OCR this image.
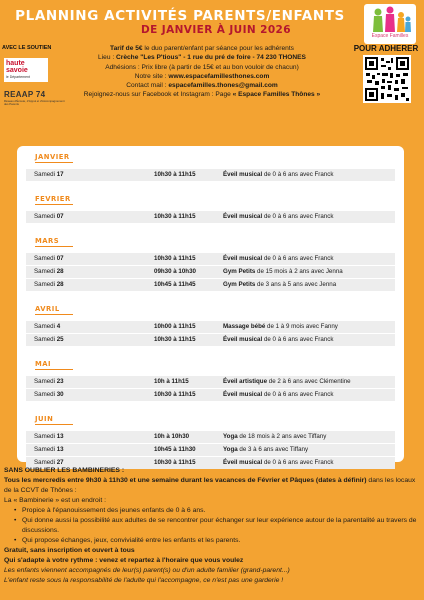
PLANNING ACTIVITÉS PARENTS/ENFANTS
DE JANVIER À JUIN 2026	Espace Familles
POUR ADHERER
AVEC LE SOUTIEN
haute
savoie
le Département
REAAP 74
Réseau d'Écoute, d'Appui et d'Accompagnement des Parents
Tarif de 5€ le duo parent/enfant par séance pour les adhérents
Lieu : Crèche "Les P'tious" - 1 rue du pré de foire - 74 230 THONES
Adhésions : Prix libre (à partir de 15€ et au bon vouloir de chacun)
Notre site : www.espacefamillesthones.com
Contact mail : espacefamilles.thones@gmail.com
Rejoignez-nous sur Facebook et Instagram : Page « Espace Familles Thônes »
JANVIER
Samedi 17	10h30 à 11h15	Éveil musical de 0 à 6 ans avec Franck
FEVRIER
Samedi 07	10h30 à 11h15	Éveil musical de 0 à 6 ans avec Franck
MARS
Samedi 07	10h30 à 11h15	Éveil musical de 0 à 6 ans avec Franck
Samedi 28	09h30 à 10h30	Gym Petits de 15 mois à 2 ans avec Jenna
Samedi 28	10h45 à 11h45	Gym Petits de 3 ans à 5 ans avec Jenna
AVRIL
Samedi 4	10h00 à 11h15	Massage bébé de 1 à 9 mois avec Fanny
Samedi 25	10h30 à 11h15	Éveil musical de 0 à 6 ans avec Franck
MAI
Samedi 23	10h à 11h15	Éveil artistique de 2 à 6 ans avec Clémentine
Samedi 30	10h30 à 11h15	Éveil musical de 0 à 6 ans avec Franck
JUIN
Samedi 13	10h à 10h30	Yoga de 18 mois à 2 ans avec Tiffany
Samedi 13	10h45 à 11h30	Yoga de 3 à 6 ans avec Tiffany
Samedi 27	10h30 à 11h15	Éveil musical de 0 à 6 ans avec Franck
SANS OUBLIER LES BAMBINERIES :
Tous les mercredis entre 9h30 à 11h30 et une semaine durant les vacances de Février et Pâques (dates à définir) dans les locaux de la CCVT de Thônes :
La « Bambinerie » est un endroit :
• Propice à l'épanouissement des jeunes enfants de 0 à 6 ans.
• Qui donne aussi la possibilité aux adultes de se rencontrer pour échanger sur leur expérience autour de la parentalité au travers de discussions.
• Qui propose échanges, jeux, convivialité entre les enfants et les parents.
Gratuit, sans inscription et ouvert à tous
Qui s'adapte à votre rythme : venez et repartez à l'horaire que vous voulez
Les enfants viennent accompagnés de leur(s) parent(s) ou d'un adulte familier (grand-parent...)
L'enfant reste sous la responsabilité de l'adulte qui l'accompagne, ce n'est pas une garderie !
